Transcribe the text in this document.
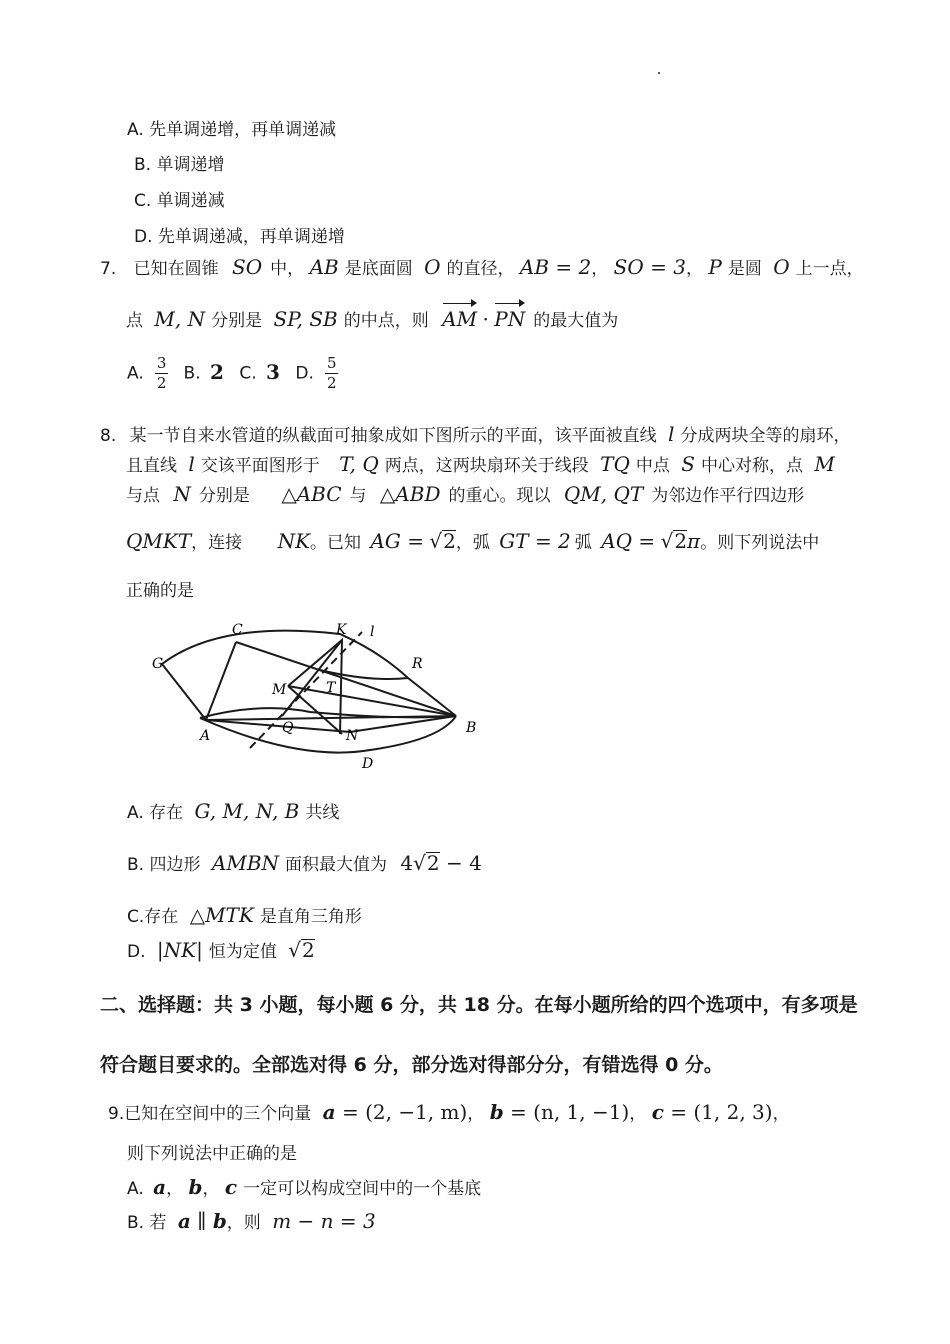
A. 先单调递增，再单调递减
B. 单调递增
C. 单调递减
D. 先单调递减，再单调递增
7. 已知在圆锥 SO 中， AB 是底面圆 O 的直径， AB = 2， SO = 3， P 是圆 O 上一点，
点 M, N 分别是 SP, SB 的中点，则 AM · PN 的最大值为
A. $\frac{3}{2} B$. 2 C. 3 D. $\frac{5}{2}$
8. 某一节自来水管道的纵截面可抽象成如下图所示的平面，该平面被直线 l 分成两块全等的扇环，
且直线 l 交该平面图形于 T, Q 两点，这两块扇环关于线段 TQ 中点 S 中心对称，点 M
与点 N 分别是 △ABC 与 △ABD 的重心。现以 QM, QT 为邻边作平行四边形
QMKT，连接 NK。已知 AG = √2，弧 GT = 2 弧 AQ = √2π。则下列说法中
正确的是
C	K l
G	R
M	T
A	Q	N	B
D
A. 存在 G, M, N, B 共线
B. 四边形 AMBN 面积最大值为 4√2 − 4
C.存在 △MTK 是直角三角形
D. |NK| 恒为定值 √2
二、选择题：共 3 小题，每小题 6 分，共 18 分。在每小题所给的四个选项中，有多项是
符合题目要求的。全部选对得 6 分，部分选对得部分分，有错选得 0 分。
9.已知在空间中的三个向量 a = (2, −1, m)， b = (n, 1, −1)， c = (1, 2, 3)，
则下列说法中正确的是
A. a， b， c 一定可以构成空间中的一个基底
B. 若 a ∥ b，则 m − n = 3
